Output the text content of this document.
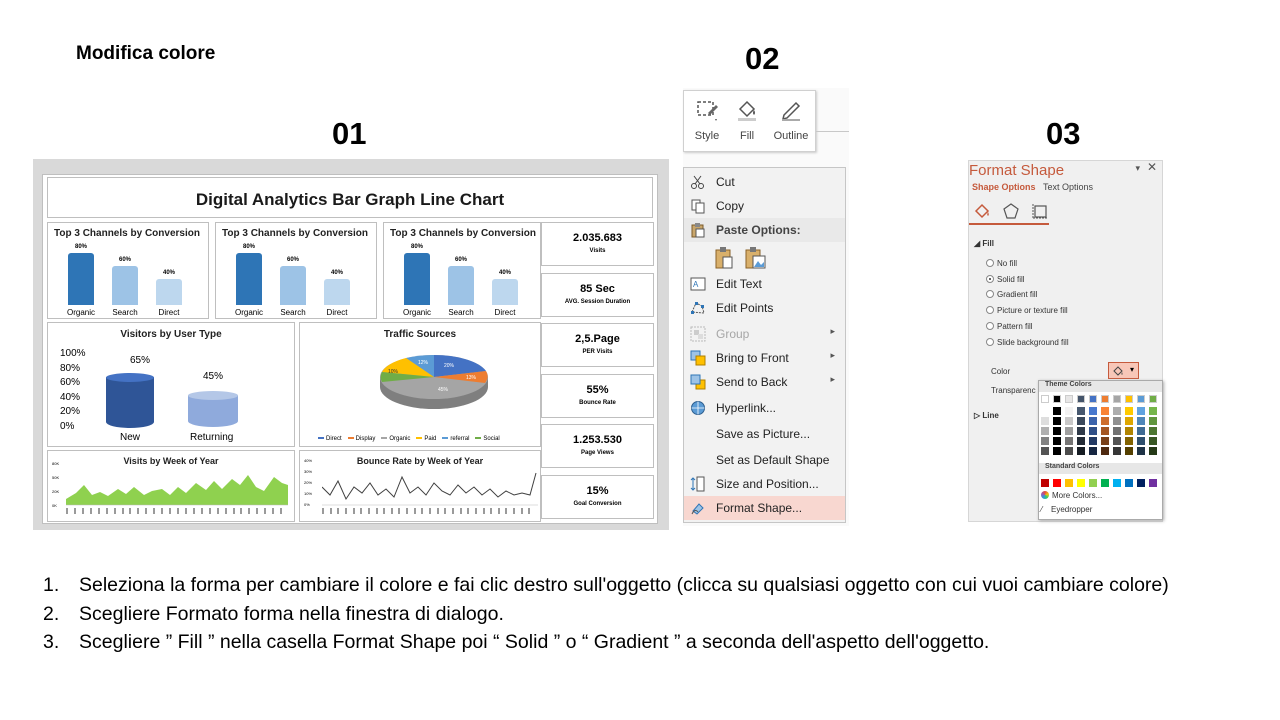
Modifica colore
01
02
03
Digital Analytics Bar Graph Line Chart
Top 3 Channels by Conversion
80%
Organic
60%
Search
40%
Direct
Top 3 Channels by Conversion
80%
Organic
60%
Search
40%
Direct
Top 3 Channels by Conversion
80%
Organic
60%
Search
40%
Direct
Visitors by User Type
100%
80%
60%
40%
20%
0%
65%
45%
New	Returning
Traffic Sources
20%
12%
10%
13%
45%
Direct Display Organic Paid referral Social
Visits by Week of Year
80K
50K
20K
0K
Bounce Rate by Week of Year
40%
30%
20%
10%
0%
2.035.683
Visits
85 Sec
AVG. Session Duration
2,5.Page
PER Visits
55%
Bounce Rate
1.253.530
Page Views
15%
Goal Conversion
Style	Fill	Outline
Cut
Copy
Paste Options:
A Edit Text
Edit Points
Group	▸
Bring to Front	▸
Send to Back	▸
Hyperlink...
Save as Picture...
Set as Default Shape
Size and Position...
Format Shape...
Format Shape	▾ ✕
Shape Options Text Options
◢ Fill
No fill
Solid fill
Gradient fill
Picture or texture fill
Pattern fill
Slide background fill
Color	▾
Transparenc
▷ Line
Theme Colors
Standard Colors
More Colors...
⁄ Eyedropper
1. Seleziona la forma per cambiare il colore e fai clic destro sull'oggetto (clicca su qualsiasi oggetto con cui vuoi cambiare colore)
2. Scegliere Formato forma nella finestra di dialogo.
3. Scegliere ” Fill ” nella casella Format Shape poi “ Solid ” o “ Gradient ” a seconda dell'aspetto dell'oggetto.
